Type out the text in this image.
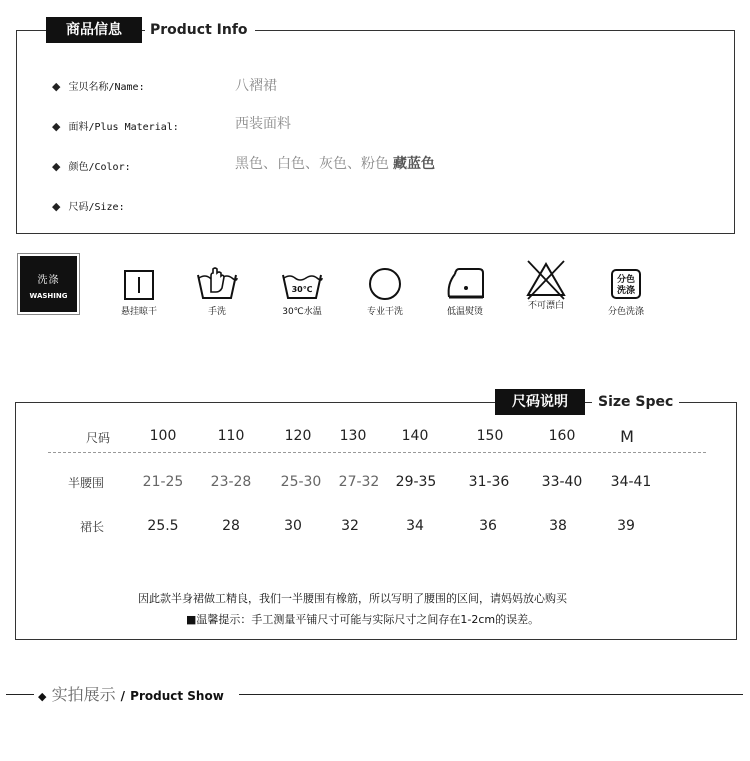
商品信息	Product Info
◆ 宝贝名称/Name:	八褶裙
◆ 面料/Plus Material:	西装面料
◆ 颜色/Color:	黑色、白色、灰色、粉色 藏蓝色
◆ 尺码/Size:
洗涤
WASHING
悬挂晾干	手洗
30℃
30℃水温	专业干洗	低温熨烫
不可漂白
分色
洗涤
分色洗涤
尺码说明	Size Spec
尺码	100	110	120	130	140	150	160	M
半腰围	21-25	23-28	25-30	27-32	29-35	31-36	33-40	34-41
裙长	25.5	28	30	32	34	36	38	39
因此款半身裙做工精良，我们一半腰围有橡筋，所以写明了腰围的区间，请妈妈放心购买
■温馨提示：手工测量平铺尺寸可能与实际尺寸之间存在1-2cm的误差。
◆ 实拍展示 / Product Show
